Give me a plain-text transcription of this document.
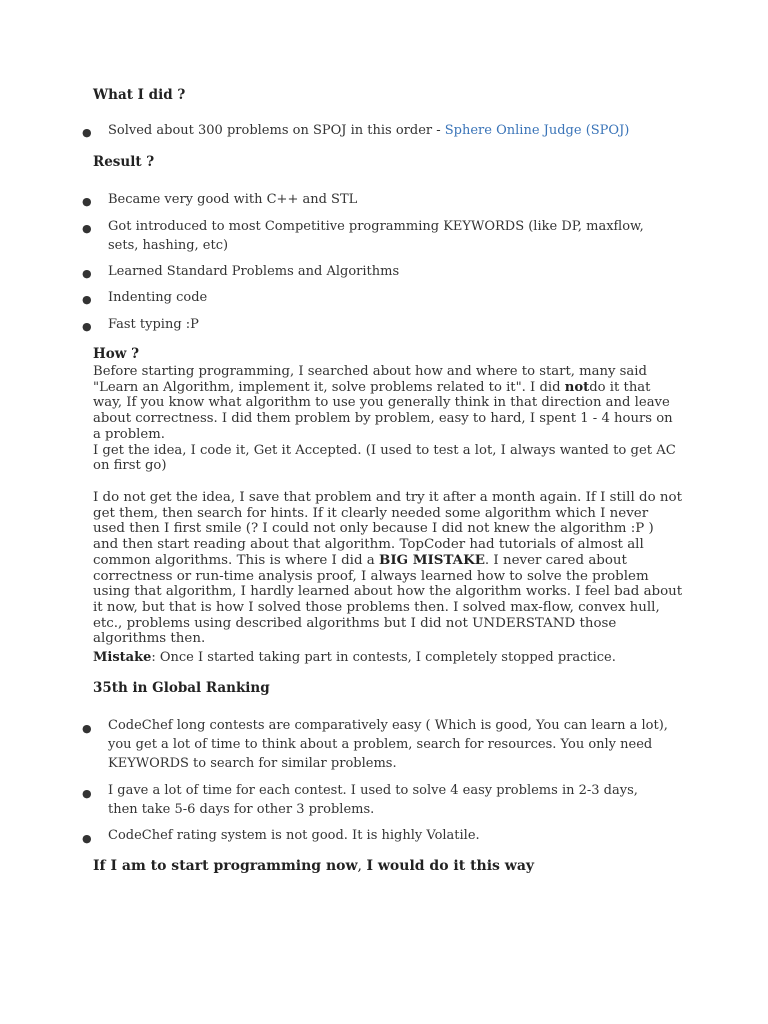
What I did ?
● Solved about 300 problems on SPOJ in this order - Sphere Online Judge (SPOJ)
Result ?
● Became very good with C++ and STL
● Got introduced to most Competitive programming KEYWORDS (like DP, maxflow,
sets, hashing, etc)
● Learned Standard Problems and Algorithms
● Indenting code
● Fast typing :P
How ?
Before starting programming, I searched about how and where to start, many said "Learn an Algorithm, implement it, solve problems related to it". I did notdo it that way, If you know what algorithm to use you generally think in that direction and leave about correctness. I did them problem by problem, easy to hard, I spent 1 - 4 hours on a problem.
I get the idea, I code it, Get it Accepted. (I used to test a lot, I always wanted to get AC on first go)
I do not get the idea, I save that problem and try it after a month again. If I still do not get them, then search for hints. If it clearly needed some algorithm which I never used then I first smile (? I could not only because I did not knew the algorithm :P ) and then start reading about that algorithm. TopCoder had tutorials of almost all common algorithms. This is where I did a BIG MISTAKE. I never cared about correctness or run-time analysis proof, I always learned how to solve the problem using that algorithm, I hardly learned about how the algorithm works. I feel bad about it now, but that is how I solved those problems then. I solved max-flow, convex hull, etc., problems using described algorithms but I did not UNDERSTAND those algorithms then.
Mistake: Once I started taking part in contests, I completely stopped practice.
35th in Global Ranking
● CodeChef long contests are comparatively easy ( Which is good, You can learn a lot), you get a lot of time to think about a problem, search for resources. You only need KEYWORDS to search for similar problems.
● I gave a lot of time for each contest. I used to solve 4 easy problems in 2-3 days, then take 5-6 days for other 3 problems.
● CodeChef rating system is not good. It is highly Volatile.
If I am to start programming now, I would do it this way
